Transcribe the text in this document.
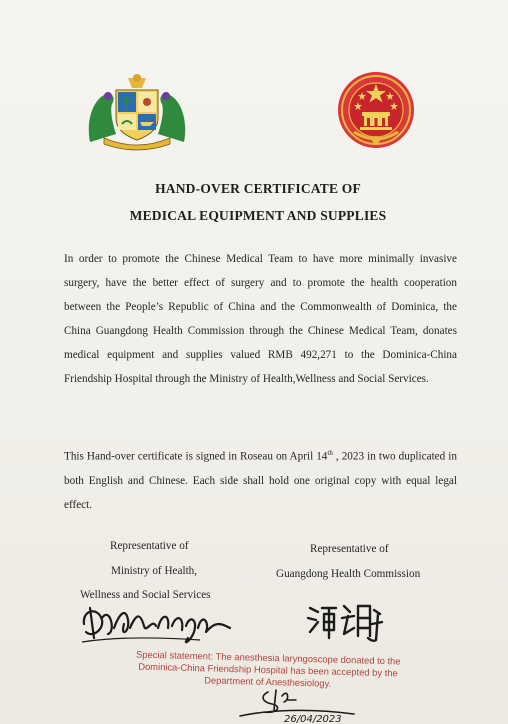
HAND-OVER CERTIFICATE OF
MEDICAL EQUIPMENT AND SUPPLIES
In order to promote the Chinese Medical Team to have more minimally invasive surgery, have the better effect of surgery and to promote the health cooperation between the People’s Republic of China and the Commonwealth of Dominica, the China Guangdong Health Commission through the Chinese Medical Team, donates medical equipment and supplies valued RMB 492,271 to the Dominica-China Friendship Hospital through the Ministry of Health,Wellness and Social Services.
This Hand-over certificate is signed in Roseau on April 14th , 2023 in two duplicated in both English and Chinese. Each side shall hold one original copy with equal legal effect.
Representative of
Ministry of Health,
Wellness and Social Services
Representative of
Guangdong Health Commission
Special statement: The anesthesia laryngoscope donated to the Dominica-China Friendship Hospital has been accepted by the Department of Anesthesiology.
26/04/2023
